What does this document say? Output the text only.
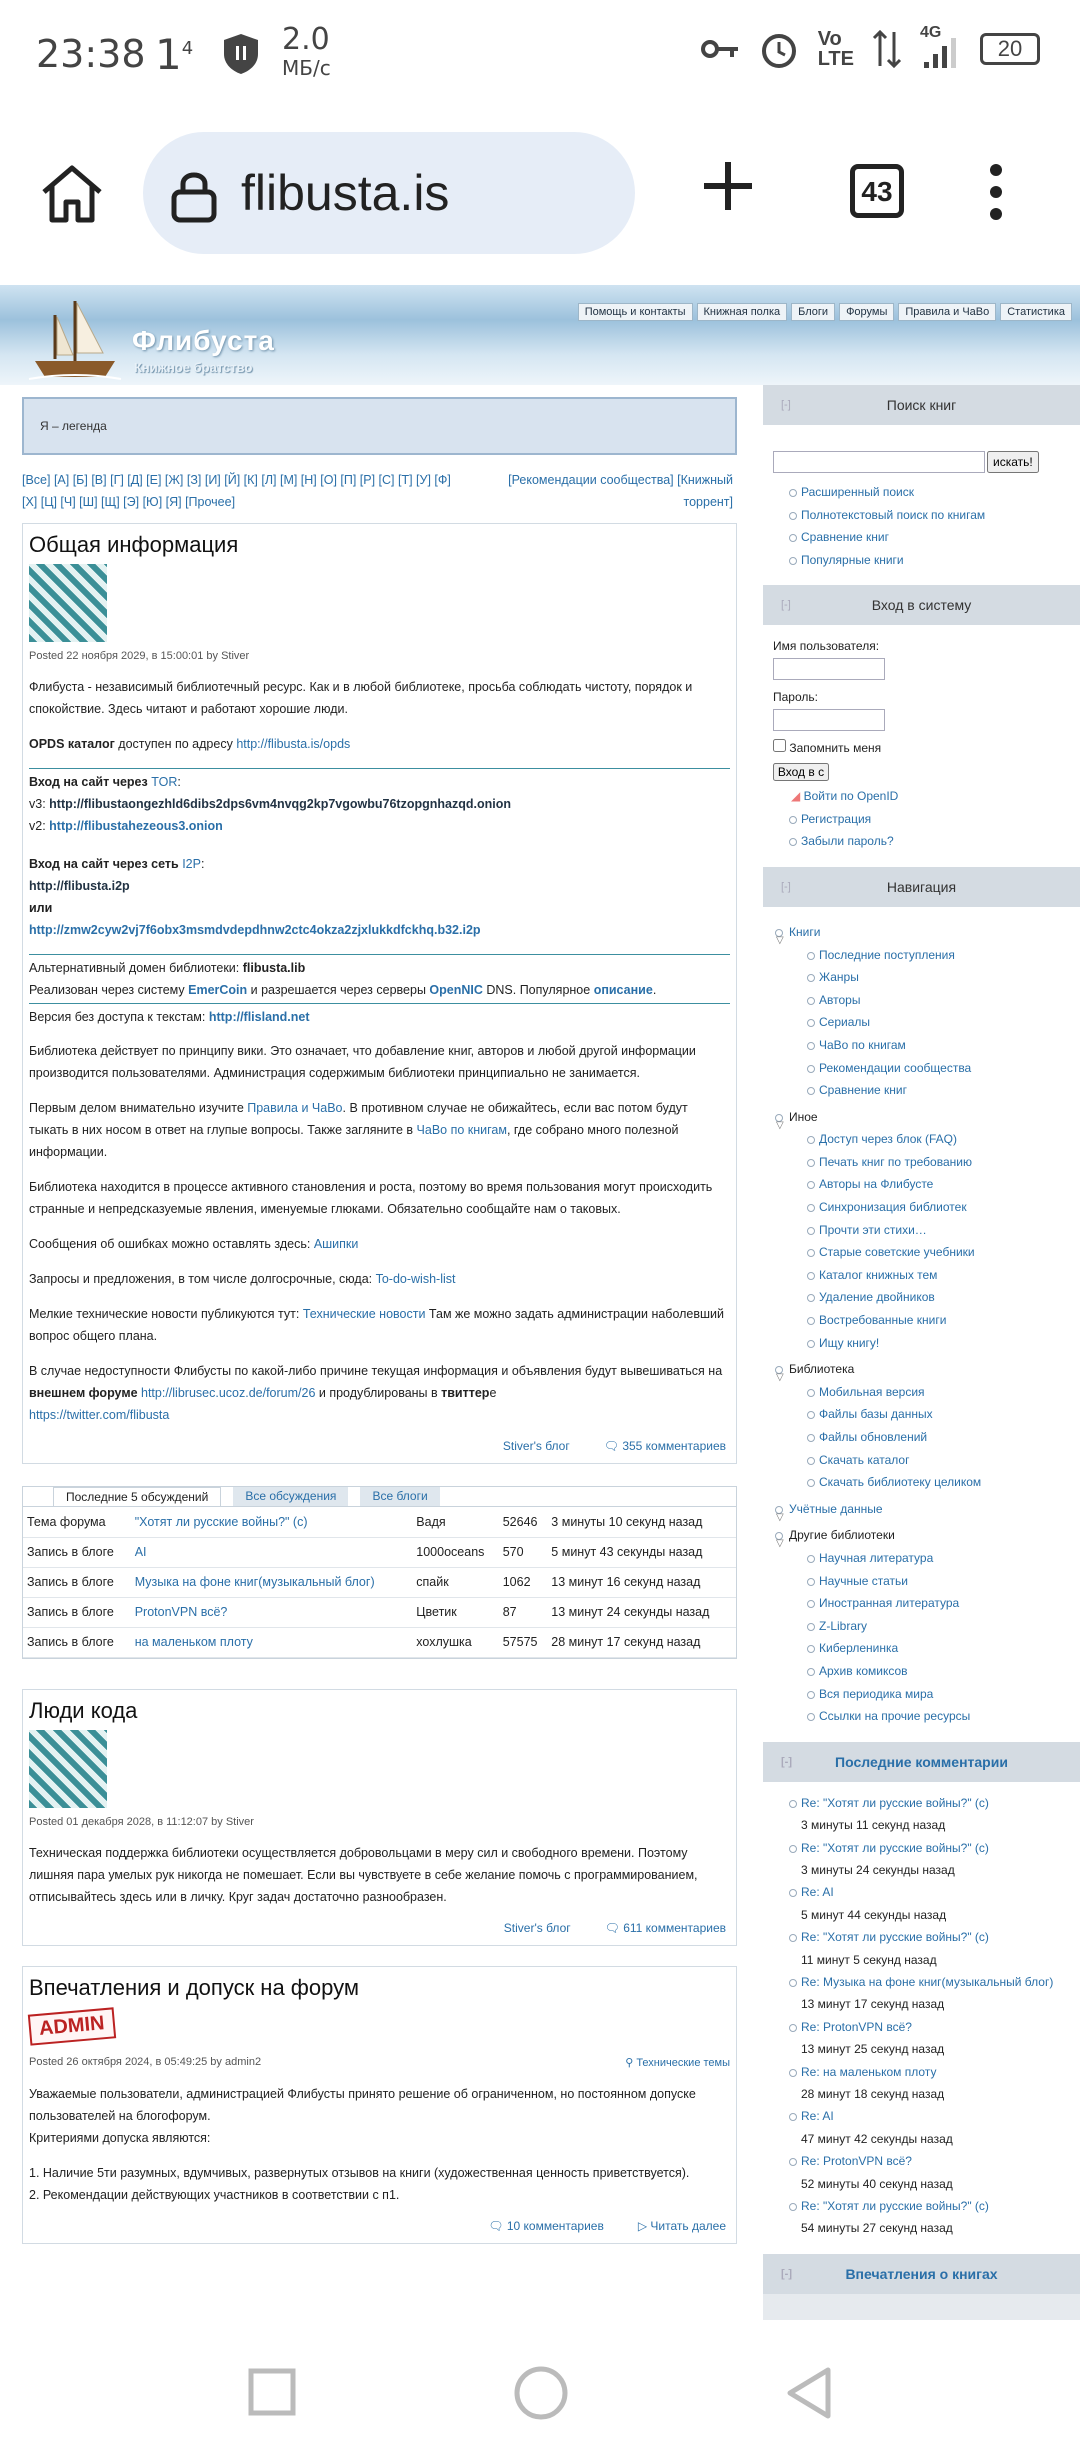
23:38 $1^4$	2.0
МБ/с
Vo
LTE
4G
20
flibusta.is	43
Флибуста
Книжное братство
Помощь и контакты	Книжная полка	Блоги	Форумы	Правила и ЧаВо	Статистика
Я – легенда
[Все] [А] [Б] [В] [Г] [Д] [Е] [Ж] [З] [И] [Й] [К] [Л] [М] [Н] [О] [П] [Р] [С] [Т] [У] [Ф]
[Х] [Ц] [Ч] [Ш] [Щ] [Э] [Ю] [Я] [Прочее]
[Рекомендации сообщества] [Книжный
торрент]
Общая информация
Posted 22 ноября 2029, в 15:00:01 by Stiver

Флибуста - независимый библиотечный ресурс. Как и в любой библиотеке, просьба соблюдать чистоту, порядок и спокойствие. Здесь читают и работают хорошие люди.

OPDS каталог доступен по адресу http://flibusta.is/opds

Вход на сайт через TOR:
v3: http://flibustaongezhld6dibs2dps6vm4nvqg2kp7vgowbu76tzopgnhazqd.onion
v2: http://flibustahezeous3.onion

Вход на сайт через сеть I2P:
http://flibusta.i2p
или
http://zmw2cyw2vj7f6obx3msmdvdepdhnw2ctc4okza2zjxlukkdfckhq.b32.i2p

Альтернативный домен библиотеки: flibusta.lib
Реализован через систему EmerCoin и разрешается через серверы OpenNIC DNS. Популярное описание.
Версия без доступа к текстам: http://flisland.net

Библиотека действует по принципу вики. Это означает, что добавление книг, авторов и любой другой информации производится пользователями. Администрация содержимым библиотеки принципиально не занимается.

Первым делом внимательно изучите Правила и ЧаВо. В противном случае не обижайтесь, если вас потом будут тыкать в них носом в ответ на глупые вопросы. Также загляните в ЧаВо по книгам, где собрано много полезной информации.

Библиотека находится в процессе активного становления и роста, поэтому во время пользования могут происходить странные и непредсказуемые явления, именуемые глюками. Обязательно сообщайте нам о таковых.

Сообщения об ошибках можно оставлять здесь: Ашипки

Запросы и предложения, в том числе долгосрочные, сюда: To-do-wish-list

Мелкие технические новости публикуются тут: Технические новости Там же можно задать администрации наболевший вопрос общего плана.

В случае недоступности Флибусты по какой-либо причине текущая информация и объявления будут вывешиваться на внешнем форуме http://librusec.ucoz.de/forum/26 и продублированы в твиттере
https://twitter.com/flibusta

Stiver's блог	🗨 355 комментариев
Последние 5 обсуждений	Все обсуждения	Все блоги
Тема форума	"Хотят ли русские войны?" (с)	Вадя	52646	3 минуты 10 секунд назад
Запись в блоге	AI	1000oceans	570	5 минут 43 секунды назад
Запись в блоге	Музыка на фоне книг(музыкальный блог)	спайк	1062	13 минут 16 секунд назад
Запись в блоге	ProtonVPN всё?	Цветик	87	13 минут 24 секунды назад
Запись в блоге	на маленьком плоту	хохлушка	57575	28 минут 17 секунд назад
Люди кода
Posted 01 декабря 2028, в 11:12:07 by Stiver

Техническая поддержка библиотеки осуществляется добровольцами в меру сил и свободного времени. Поэтому лишняя пара умелых рук никогда не помешает. Если вы чувствуете в себе желание помочь с программированием, отписывайтесь здесь или в личку. Круг задач достаточно разнообразен.

Stiver's блог	🗨 611 комментариев
Впечатления и допуск на форум
ADMIN
Posted 26 октября 2024, в 05:49:25 by admin2	⚲ Технические темы

Уважаемые пользователи, администрацией Флибусты принято решение об ограниченном, но постоянном допуске пользователей на блогофорум.
Критериями допуска являются:

1. Наличие 5ти разумных, вдумчивых, развернутых отзывов на книги (художественная ценность приветствуется).

2. Рекомендации действующих участников в соответствии с п1.

🗨 10 комментариев	▷ Читать далее
[-] Поиск книг
искать!
Расширенный поиск
Полнотекстовый поиск по книгам
Сравнение книг
Популярные книги
[-] Вход в систему
Имя пользователя:
Пароль:
Запомнить меня
Вход в с
◢ Войти по OpenID
Регистрация
Забыли пароль?
[-] Навигация
▽ Книги
Последние поступления
Жанры
Авторы
Сериалы
ЧаВо по книгам
Рекомендации сообщества
Сравнение книг
▽ Иное
Доступ через блок (FAQ)
Печать книг по требованию
Авторы на Флибусте
Синхронизация библиотек
Прочти эти стихи…
Старые советские учебники
Каталог книжных тем
Удаление двойников
Востребованные книги
Ищу книгу!
▽ Библиотека
Мобильная версия
Файлы базы данных
Файлы обновлений
Скачать каталог
Скачать библиотеку целиком
▽ Учётные данные
▽ Другие библиотеки
Научная литература
Научные статьи
Иностранная литература
Z-Library
Киберленинка
Архив комиксов
Вся периодика мира
Ссылки на прочие ресурсы
[-] Последние комментарии
Re: "Хотят ли русские войны?" (с)
3 минуты 11 секунд назад
Re: "Хотят ли русские войны?" (с)
3 минуты 24 секунды назад
Re: AI
5 минут 44 секунды назад
Re: "Хотят ли русские войны?" (с)
11 минут 5 секунд назад
Re: Музыка на фоне книг(музыкальный блог)
13 минут 17 секунд назад
Re: ProtonVPN всё?
13 минут 25 секунд назад
Re: на маленьком плоту
28 минут 18 секунд назад
Re: AI
47 минут 42 секунды назад
Re: ProtonVPN всё?
52 минуты 40 секунд назад
Re: "Хотят ли русские войны?" (с)
54 минуты 27 секунд назад
[-] Впечатления о книгах
